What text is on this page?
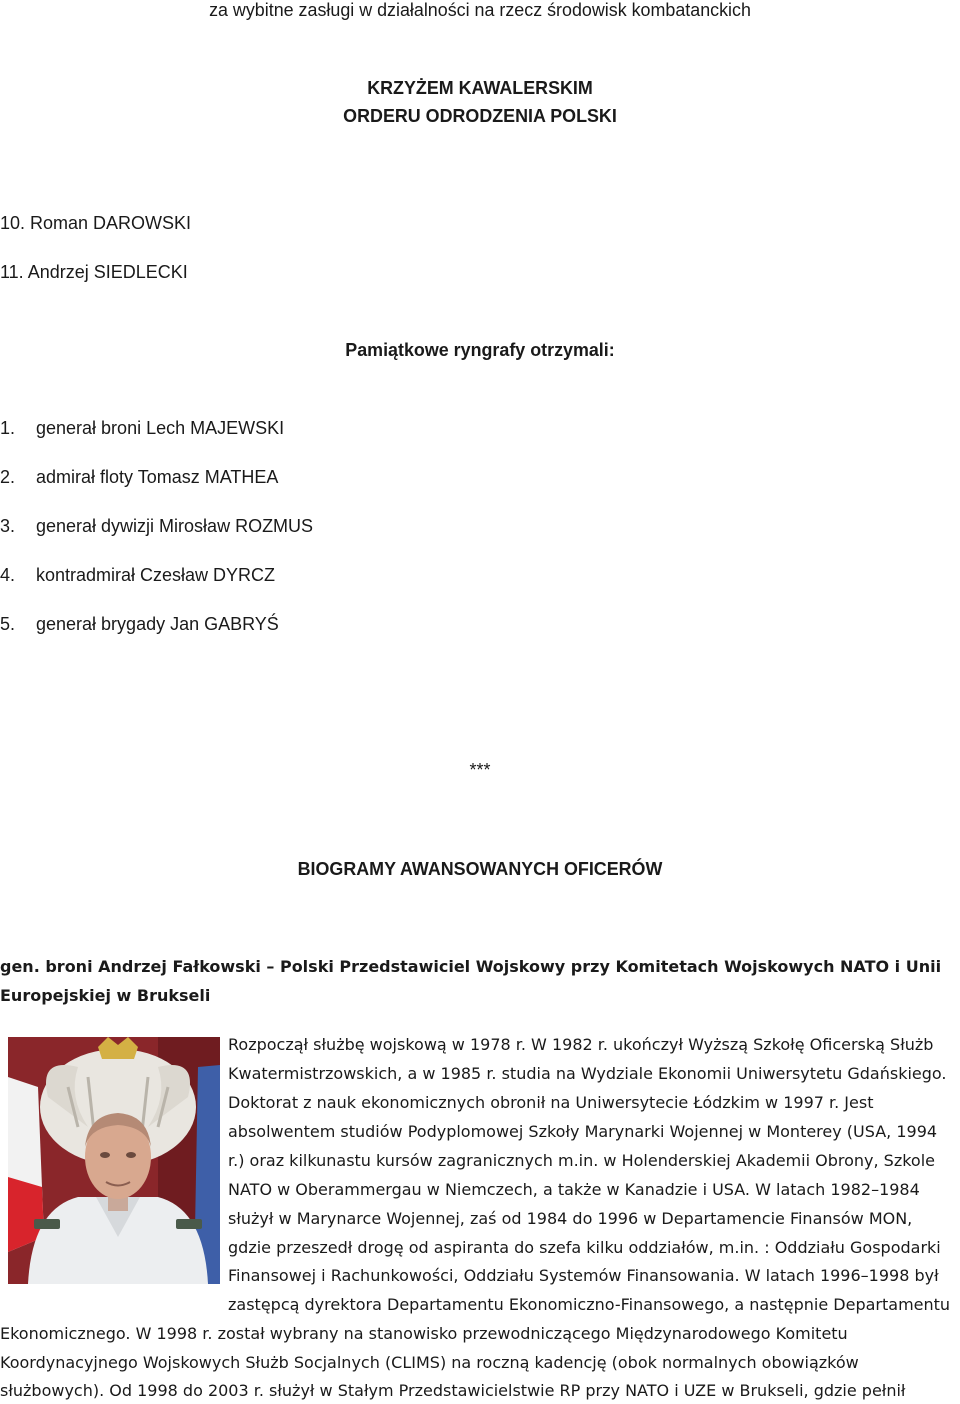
za wybitne zasługi w działalności na rzecz środowisk kombatanckich

KRZYŻEM KAWALERSKIM

ORDERU ODRODZENIA POLSKI

10. Roman DAROWSKI

11. Andrzej SIEDLECKI

Pamiątkowe ryngrafy otrzymali:

1. generał broni Lech MAJEWSKI
2. admirał floty Tomasz MATHEA
3. generał dywizji Mirosław ROZMUS
4. kontradmirał Czesław DYRCZ
5. generał brygady Jan GABRYŚ

***

BIOGRAMY AWANSOWANYCH OFICERÓW

gen. broni Andrzej Fałkowski – Polski Przedstawiciel Wojskowy przy Komitetach Wojskowych NATO i Unii

Europejskiej w Brukseli

Rozpoczął służbę wojskową w 1978 r. W 1982 r. ukończył Wyższą Szkołę Oficerską Służb

Kwatermistrzowskich, a w 1985 r. studia na Wydziale Ekonomii Uniwersytetu Gdańskiego.

Doktorat z nauk ekonomicznych obronił na Uniwersytecie Łódzkim w 1997 r. Jest

absolwentem studiów Podyplomowej Szkoły Marynarki Wojennej w Monterey (USA, 1994

r.) oraz kilkunastu kursów zagranicznych m.in. w Holenderskiej Akademii Obrony, Szkole

NATO w Oberammergau w Niemczech, a także w Kanadzie i USA. W latach 1982–1984

służył w Marynarce Wojennej, zaś od 1984 do 1996 w Departamencie Finansów MON,

gdzie przeszedł drogę od aspiranta do szefa kilku oddziałów, m.in. : Oddziału Gospodarki

Finansowej i Rachunkowości, Oddziału Systemów Finansowania. W latach 1996–1998 był

zastępcą dyrektora Departamentu Ekonomiczno-Finansowego, a następnie Departamentu

Ekonomicznego. W 1998 r. został wybrany na stanowisko przewodniczącego Międzynarodowego Komitetu

Koordynacyjnego Wojskowych Służb Socjalnych (CLIMS) na roczną kadencję (obok normalnych obowiązków

służbowych). Od 1998 do 2003 r. służył w Stałym Przedstawicielstwie RP przy NATO i UZE w Brukseli, gdzie pełnił
